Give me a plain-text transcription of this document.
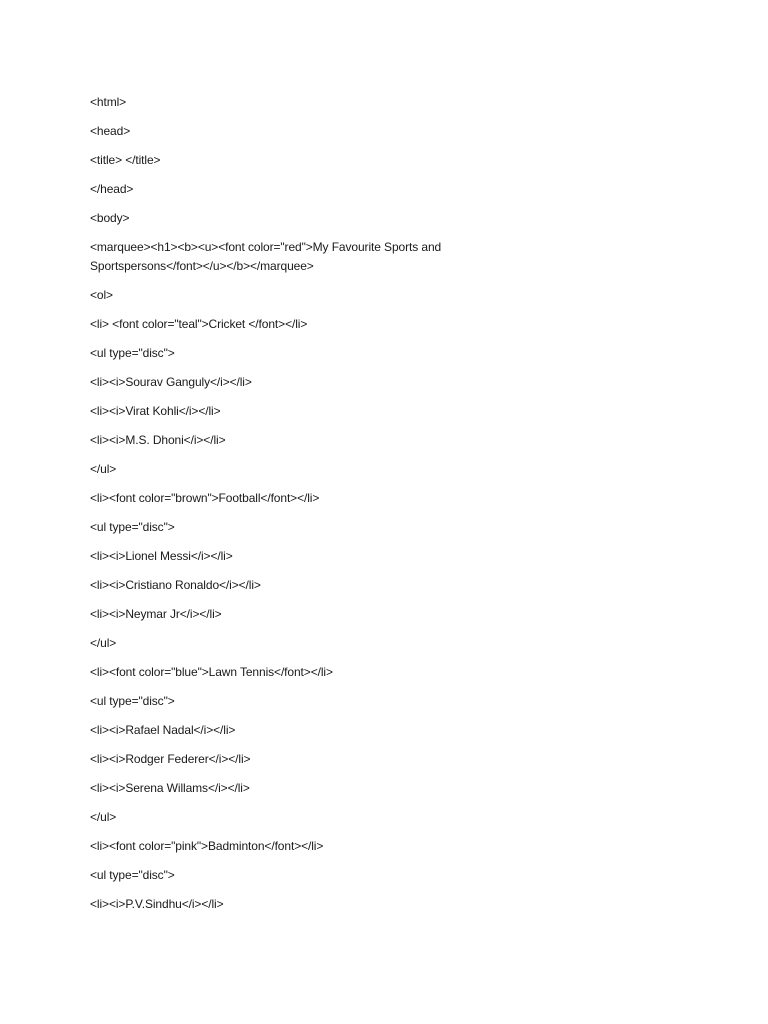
<html>
<head>
<title> </title>
</head>
<body>
<marquee><h1><b><u><font color="red">My Favourite Sports and Sportspersons</font></u></b></marquee>
<ol>
<li> <font color="teal">Cricket </font></li>
<ul type="disc">
<li><i>Sourav Ganguly</i></li>
<li><i>Virat Kohli</i></li>
<li><i>M.S. Dhoni</i></li>
</ul>
<li><font color="brown">Football</font></li>
<ul type="disc">
<li><i>Lionel Messi</i></li>
<li><i>Cristiano Ronaldo</i></li>
<li><i>Neymar Jr</i></li>
</ul>
<li><font color="blue">Lawn Tennis</font></li>
<ul type="disc">
<li><i>Rafael Nadal</i></li>
<li><i>Rodger Federer</i></li>
<li><i>Serena Willams</i></li>
</ul>
<li><font color="pink">Badminton</font></li>
<ul type="disc">
<li><i>P.V.Sindhu</i></li>
